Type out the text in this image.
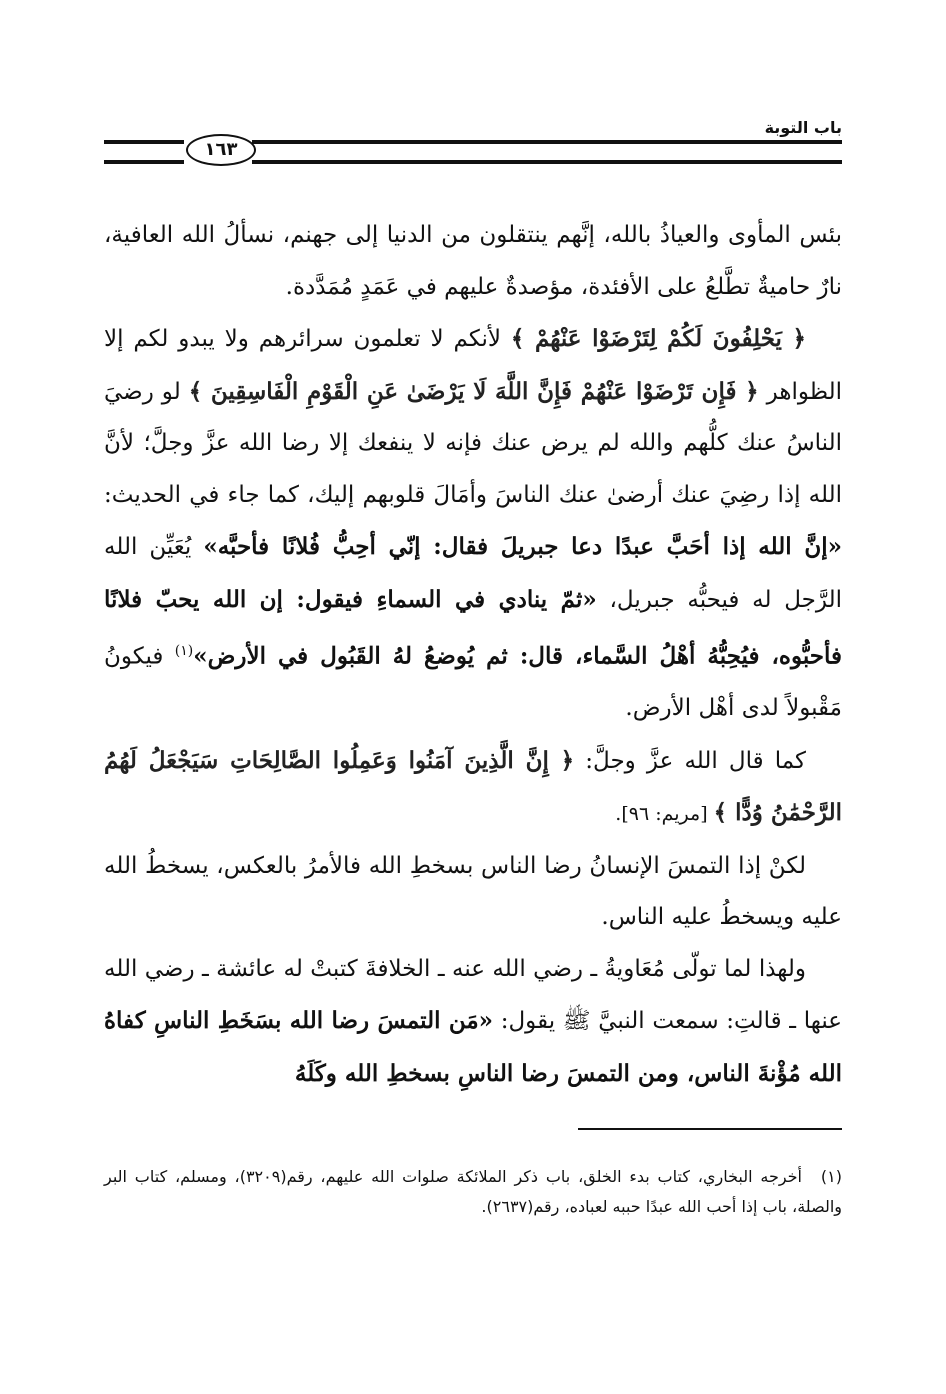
باب التوبة
١٦٣

بئس المأوى والعياذُ بالله، إنَّهم ينتقلون من الدنيا إلى جهنم، نسألُ الله العافية، نارٌ حاميةٌ تطَّلعُ على الأفئدة، مؤصدةٌ عليهم في عَمَدٍ مُمَدَّدة.

﴿ يَحْلِفُونَ لَكُمْ لِتَرْضَوْا عَنْهُمْ ﴾ لأنكم لا تعلمون سرائرهم ولا يبدو لكم إلا الظواهر ﴿ فَإِن تَرْضَوْا عَنْهُمْ فَإِنَّ اللَّهَ لَا يَرْضَىٰ عَنِ الْقَوْمِ الْفَاسِقِينَ ﴾ لو رضيَ الناسُ عنك كلُّهم والله لم يرض عنك فإنه لا ينفعك إلا رضا الله عزَّ وجلَّ؛ لأنَّ الله إذا رضِيَ عنك أرضىٰ عنك الناسَ وأمَالَ قلوبهم إليك، كما جاء في الحديث: «إنَّ الله إذا أحَبَّ عبدًا دعا جبريلَ فقال: إنّي أحِبُّ فُلانًا فأحبَّه» يُعَيِّن الله الرَّجل له فيحبُّه جبريل، «ثمّ ينادي في السماءِ فيقول: إن الله يحبّ فلانًا فأحبُّوه، فيُحِبُّهُ أهْلُ السَّماء، قال: ثم يُوضعُ لهُ القَبُول في الأرض»$^{(١)}$ فيكونُ مَقْبولاً لدى أهْل الأرض.

كما قال الله عزَّ وجلَّ: ﴿ إِنَّ الَّذِينَ آمَنُوا وَعَمِلُوا الصَّالِحَاتِ سَيَجْعَلُ لَهُمُ الرَّحْمَٰنُ وُدًّا ﴾ [مريم: ٩٦].

لكنْ إذا التمسَ الإنسانُ رضا الناس بسخطِ الله فالأمرُ بالعكس، يسخطُ الله عليه ويسخطُ عليه الناس.

ولهذا لما تولّى مُعَاويةُ ـ رضي الله عنه ـ الخلافةَ كتبتْ له عائشة ـ رضي الله عنها ـ قالتِ: سمعت النبيَّ ﷺ يقول: «مَن التمسَ رضا الله بسَخَطِ الناسِ كفاهُ الله مُؤْنةَ الناس، ومن التمسَ رضا الناسِ بسخطِ الله وكَلَهُ

(١)أخرجه البخاري، كتاب بدء الخلق، باب ذكر الملائكة صلوات الله عليهم، رقم(٣٢٠٩)، ومسلم، كتاب البر والصلة، باب إذا أحب الله عبدًا حببه لعباده، رقم(٢٦٣٧).
